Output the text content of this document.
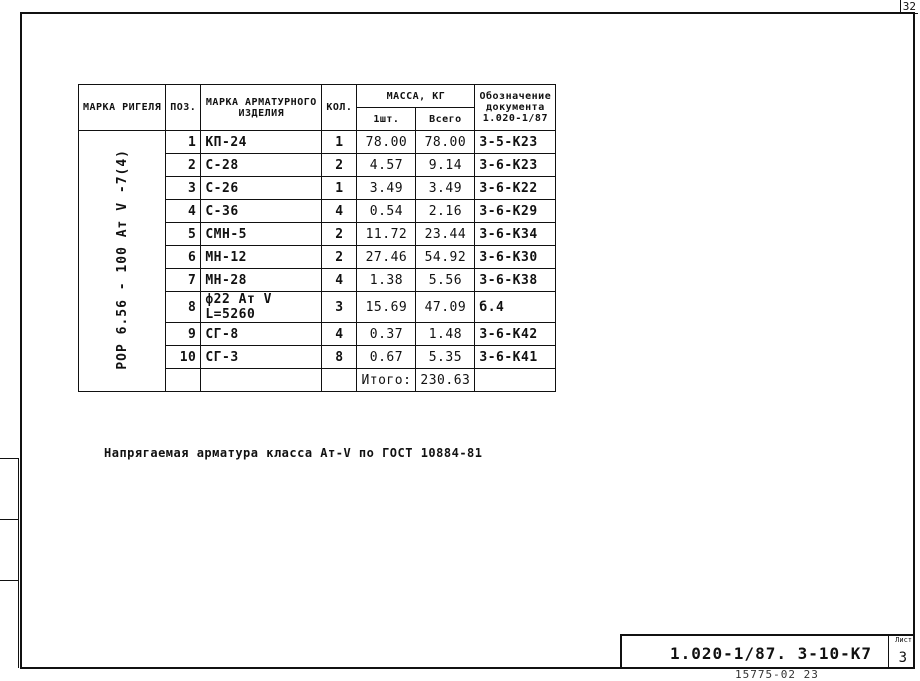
32
МАРКА РИГЕЛЯ	ПОЗ.	МАРКА АРМАТУРНОГО ИЗДЕЛИЯ	КОЛ.	МАССА, КГ		Обозначение документа 1.020-1/87
				1шт.	Всего	
РОР 6.56 - 100 Ат V -7(4)	1	КП-24	1	78.00	78.00	3-5-К23
	2	С-28	2	4.57	9.14	3-6-К23
	3	С-26	1	3.49	3.49	3-6-К22
	4	С-36	4	0.54	2.16	3-6-К29
	5	СМН-5	2	11.72	23.44	3-6-К34
	6	МН-12	2	27.46	54.92	3-6-К30
	7	МН-28	4	1.38	5.56	3-6-К38
	8	ф22 Ат V L=5260	3	15.69	47.09	б.4
	9	СГ-8	4	0.37	1.48	3-6-К42
	10	СГ-3	8	0.67	5.35	3-6-К41
				Итого:	230.63	
Напрягаемая арматура класса Ат-V по ГОСТ 10884-81
1.020-1/87. 3-10-К7
Лист
3
15775-02 23
